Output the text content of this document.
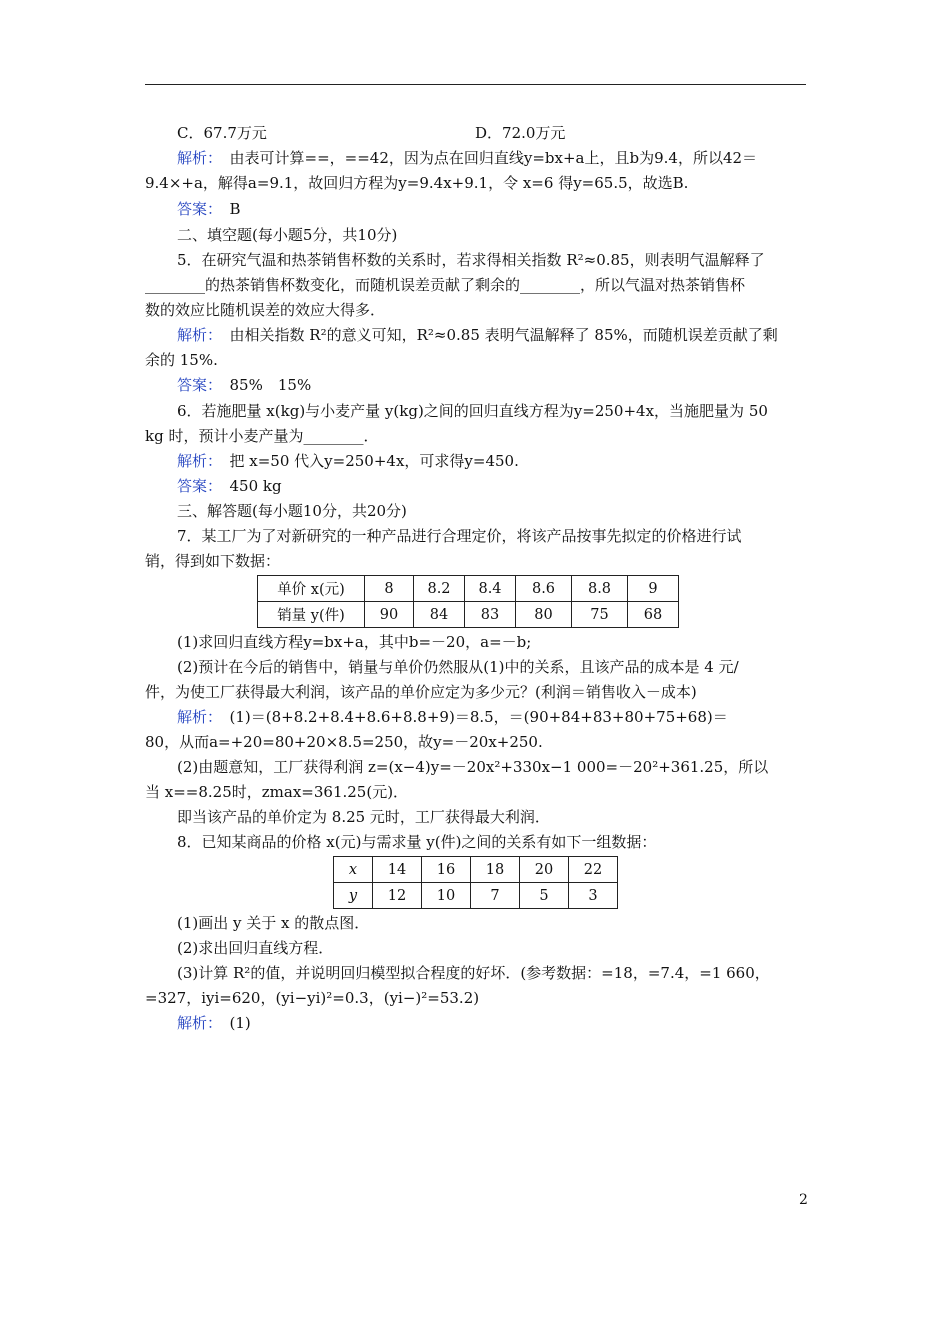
C．67.7万元	D．72.0万元
解析：　由表可计算==，==42，因为点在回归直线y=bx+a上，且b为9.4，所以42＝
9.4×+a，解得a=9.1，故回归方程为y=9.4x+9.1，令 x=6 得y=65.5，故选B.
答案：　B
二、填空题(每小题5分，共10分)
5．在研究气温和热茶销售杯数的关系时，若求得相关指数 R²≈0.85，则表明气温解释了
________的热茶销售杯数变化，而随机误差贡献了剩余的________，所以气温对热茶销售杯
数的效应比随机误差的效应大得多．
解析：　由相关指数 R²的意义可知，R²≈0.85 表明气温解释了 85%，而随机误差贡献了剩
余的 15%.
答案：　85%　15%
6．若施肥量 x(kg)与小麦产量 y(kg)之间的回归直线方程为y=250+4x，当施肥量为 50
kg 时，预计小麦产量为________．
解析：　把 x=50 代入y=250+4x，可求得y=450.
答案：　450 kg
三、解答题(每小题10分，共20分)
7．某工厂为了对新研究的一种产品进行合理定价，将该产品按事先拟定的价格进行试
销，得到如下数据：
单价 x(元)	8	8.2	8.4	8.6	8.8	9
销量 y(件)	90	84	83	80	75	68
(1)求回归直线方程y=bx+a，其中b=－20，a=－b;
(2)预计在今后的销售中，销量与单价仍然服从(1)中的关系，且该产品的成本是 4 元/
件，为使工厂获得最大利润，该产品的单价应定为多少元？(利润＝销售收入－成本)
解析：　(1)＝(8+8.2+8.4+8.6+8.8+9)＝8.5，＝(90+84+83+80+75+68)＝
80，从而a=+20=80+20×8.5=250，故y=－20x+250.
(2)由题意知，工厂获得利润 z=(x−4)y=－20x²+330x−1 000=－20²+361.25，所以
当 x==8.25时，zmax=361.25(元)．
即当该产品的单价定为 8.25 元时，工厂获得最大利润．
8．已知某商品的价格 x(元)与需求量 y(件)之间的关系有如下一组数据：
x	14	16	18	20	22
y	12	10	7	5	3
(1)画出 y 关于 x 的散点图．
(2)求出回归直线方程．
(3)计算 R²的值，并说明回归模型拟合程度的好坏．(参考数据：=18，=7.4，=1 660，
=327，iyi=620，(yi−yi)²=0.3，(yi−)²=53.2)
解析：　(1)
2
